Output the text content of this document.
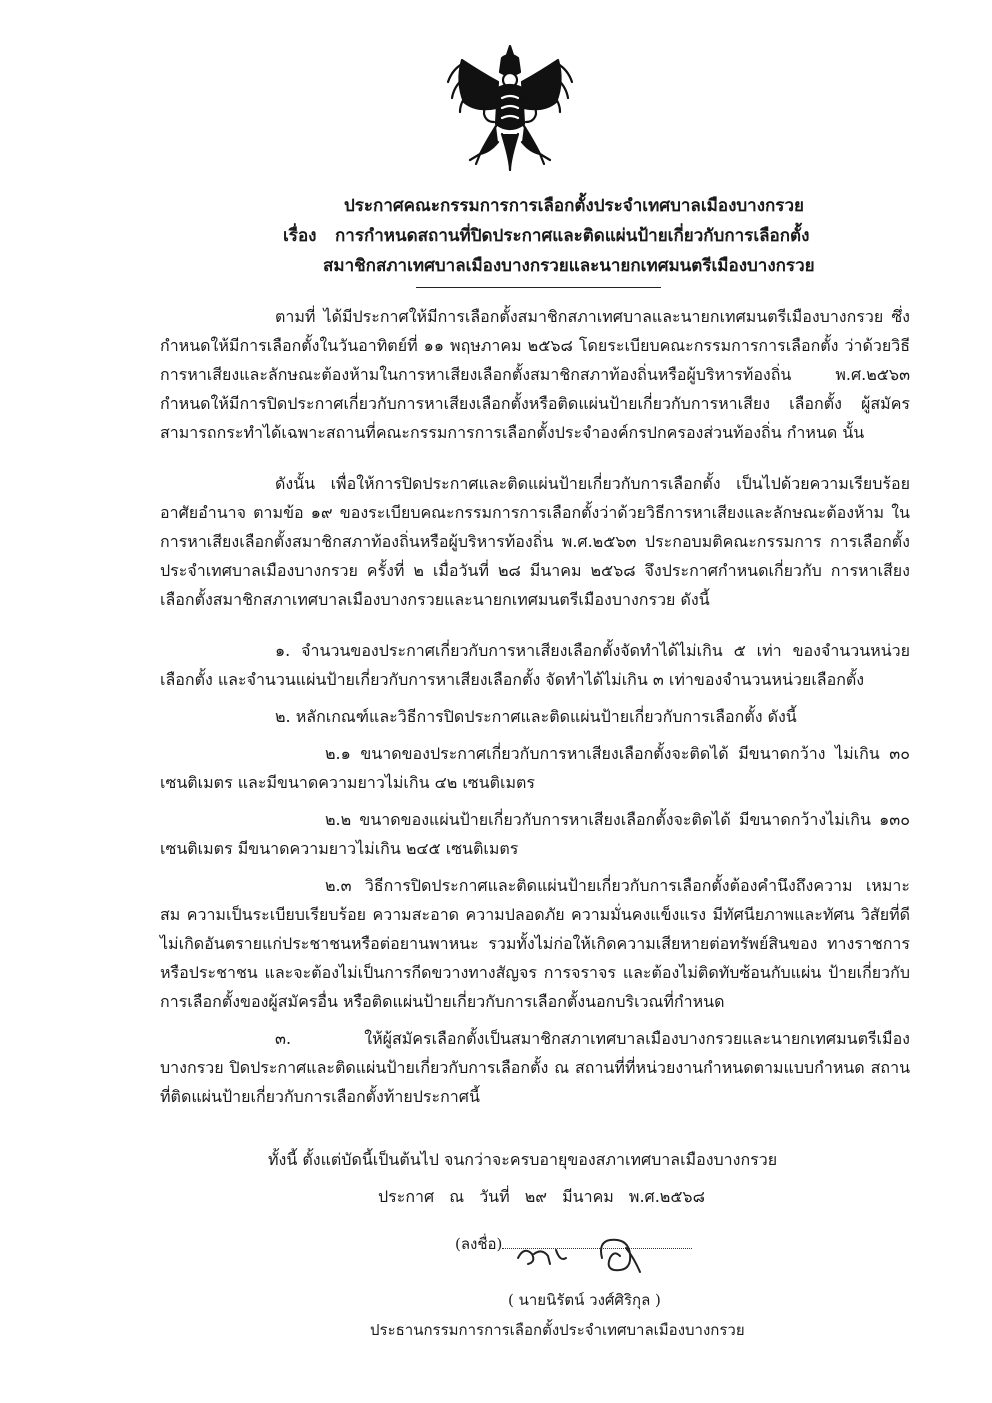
ประกาศคณะกรรมการการเลือกตั้งประจำเทศบาลเมืองบางกรวย
เรื่อง การกำหนดสถานที่ปิดประกาศและติดแผ่นป้ายเกี่ยวกับการเลือกตั้ง
สมาชิกสภาเทศบาลเมืองบางกรวยและนายกเทศมนตรีเมืองบางกรวย

ตามที่ ได้มีประกาศให้มีการเลือกตั้งสมาชิกสภาเทศบาลและนายกเทศมนตรีเมืองบางกรวย ซึ่งกำหนดให้มีการเลือกตั้งในวันอาทิตย์ที่ ๑๑ พฤษภาคม ๒๕๖๘ โดยระเบียบคณะกรรมการการเลือกตั้ง ว่าด้วยวิธีการหาเสียงและลักษณะต้องห้ามในการหาเสียงเลือกตั้งสมาชิกสภาท้องถิ่นหรือผู้บริหารท้องถิ่น พ.ศ.๒๕๖๓ กำหนดให้มีการปิดประกาศเกี่ยวกับการหาเสียงเลือกตั้งหรือติดแผ่นป้ายเกี่ยวกับการหาเสียง เลือกตั้ง ผู้สมัครสามารถกระทำได้เฉพาะสถานที่คณะกรรมการการเลือกตั้งประจำองค์กรปกครองส่วนท้องถิ่น กำหนด นั้น

ดังนั้น เพื่อให้การปิดประกาศและติดแผ่นป้ายเกี่ยวกับการเลือกตั้ง เป็นไปด้วยความเรียบร้อย อาศัยอำนาจ ตามข้อ ๑๙ ของระเบียบคณะกรรมการการเลือกตั้งว่าด้วยวิธีการหาเสียงและลักษณะต้องห้าม ในการหาเสียงเลือกตั้งสมาชิกสภาท้องถิ่นหรือผู้บริหารท้องถิ่น พ.ศ.๒๕๖๓ ประกอบมติคณะกรรมการ การเลือกตั้งประจำเทศบาลเมืองบางกรวย ครั้งที่ ๒ เมื่อวันที่ ๒๘ มีนาคม ๒๕๖๘ จึงประกาศกำหนดเกี่ยวกับ การหาเสียงเลือกตั้งสมาชิกสภาเทศบาลเมืองบางกรวยและนายกเทศมนตรีเมืองบางกรวย ดังนี้

๑. จำนวนของประกาศเกี่ยวกับการหาเสียงเลือกตั้งจัดทำได้ไม่เกิน ๕ เท่า ของจำนวนหน่วย เลือกตั้ง และจำนวนแผ่นป้ายเกี่ยวกับการหาเสียงเลือกตั้ง จัดทำได้ไม่เกิน ๓ เท่าของจำนวนหน่วยเลือกตั้ง

๒. หลักเกณฑ์และวิธีการปิดประกาศและติดแผ่นป้ายเกี่ยวกับการเลือกตั้ง ดังนี้

๒.๑ ขนาดของประกาศเกี่ยวกับการหาเสียงเลือกตั้งจะติดได้ มีขนาดกว้าง ไม่เกิน ๓๐ เซนติเมตร และมีขนาดความยาวไม่เกิน ๔๒ เซนติเมตร

๒.๒ ขนาดของแผ่นป้ายเกี่ยวกับการหาเสียงเลือกตั้งจะติดได้ มีขนาดกว้างไม่เกิน ๑๓๐ เซนติเมตร มีขนาดความยาวไม่เกิน ๒๔๕ เซนติเมตร

๒.๓ วิธีการปิดประกาศและติดแผ่นป้ายเกี่ยวกับการเลือกตั้งต้องคำนึงถึงความ เหมาะสม ความเป็นระเบียบเรียบร้อย ความสะอาด ความปลอดภัย ความมั่นคงแข็งแรง มีทัศนียภาพและทัศน วิสัยที่ดี ไม่เกิดอันตรายแก่ประชาชนหรือต่อยานพาหนะ รวมทั้งไม่ก่อให้เกิดความเสียหายต่อทรัพย์สินของ ทางราชการหรือประชาชน และจะต้องไม่เป็นการกีดขวางทางสัญจร การจราจร และต้องไม่ติดทับซ้อนกับแผ่น ป้ายเกี่ยวกับการเลือกตั้งของผู้สมัครอื่น หรือติดแผ่นป้ายเกี่ยวกับการเลือกตั้งนอกบริเวณที่กำหนด

๓. ให้ผู้สมัครเลือกตั้งเป็นสมาชิกสภาเทศบาลเมืองบางกรวยและนายกเทศมนตรีเมือง บางกรวย ปิดประกาศและติดแผ่นป้ายเกี่ยวกับการเลือกตั้ง ณ สถานที่ที่หน่วยงานกำหนดตามแบบกำหนด สถานที่ติดแผ่นป้ายเกี่ยวกับการเลือกตั้งท้ายประกาศนี้

ทั้งนี้ ตั้งแต่บัดนี้เป็นต้นไป จนกว่าจะครบอายุของสภาเทศบาลเมืองบางกรวย
ประกาศ ณ วันที่ ๒๙ มีนาคม พ.ศ.๒๕๖๘
(ลงชื่อ)
( นายนิรัตน์ วงศ์ศิริกุล )
ประธานกรรมการการเลือกตั้งประจำเทศบาลเมืองบางกรวย
